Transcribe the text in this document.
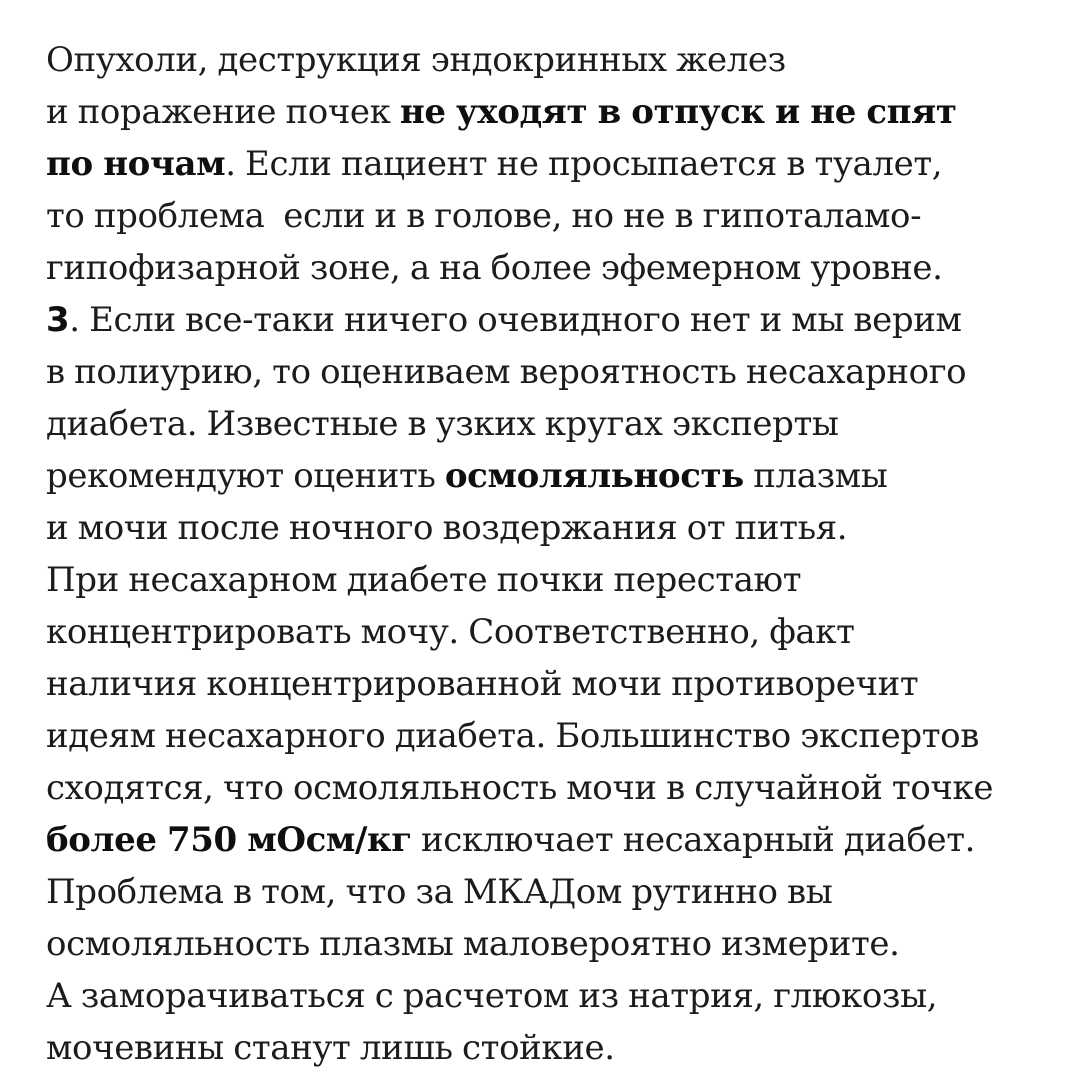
Опухоли, деструкция эндокринных желез
и поражение почек не уходят в отпуск и не спят
по ночам. Если пациент не просыпается в туалет,
то проблема  если и в голове, но не в гипоталамо-
гипофизарной зоне, а на более эфемерном уровне.

3. Если все-таки ничего очевидного нет и мы верим
в полиурию, то оцениваем вероятность несахарного
диабета. Известные в узких кругах эксперты
рекомендуют оценить осмоляльность плазмы
и мочи после ночного воздержания от питья.
При несахарном диабете почки перестают
концентрировать мочу. Соответственно, факт
наличия концентрированной мочи противоречит
идеям несахарного диабета. Большинство экспертов
сходятся, что осмоляльность мочи в случайной точке
более 750 мОсм/кг исключает несахарный диабет.
Проблема в том, что за МКАДом рутинно вы
осмоляльность плазмы маловероятно измерите.
А заморачиваться с расчетом из натрия, глюкозы,
мочевины станут лишь стойкие.
